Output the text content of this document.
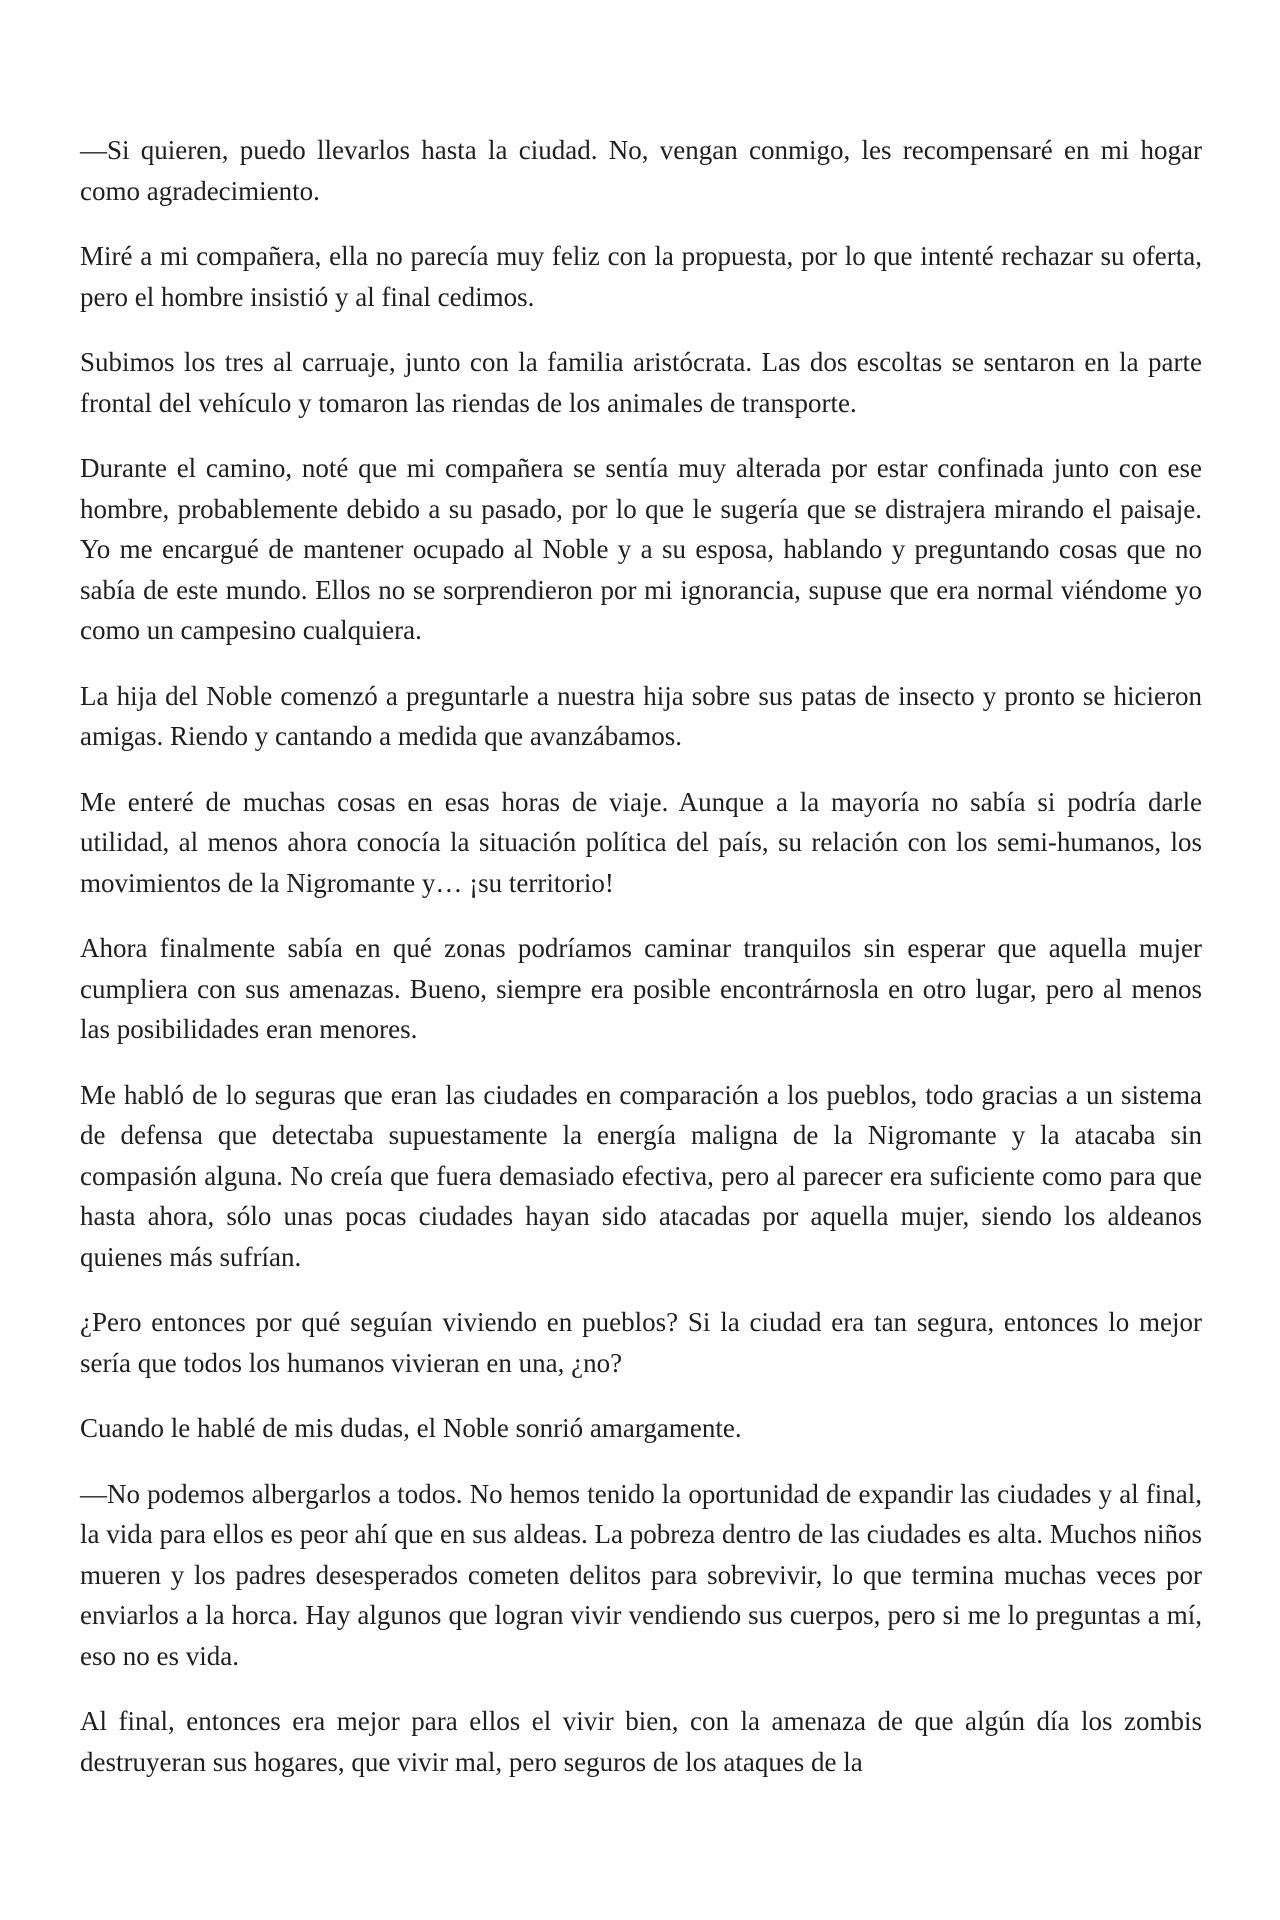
—Si quieren, puedo llevarlos hasta la ciudad. No, vengan conmigo, les recompensaré en mi hogar como agradecimiento.

Miré a mi compañera, ella no parecía muy feliz con la propuesta, por lo que intenté rechazar su oferta, pero el hombre insistió y al final cedimos.

Subimos los tres al carruaje, junto con la familia aristócrata. Las dos escoltas se sentaron en la parte frontal del vehículo y tomaron las riendas de los animales de transporte.

Durante el camino, noté que mi compañera se sentía muy alterada por estar confinada junto con ese hombre, probablemente debido a su pasado, por lo que le sugería que se distrajera mirando el paisaje. Yo me encargué de mantener ocupado al Noble y a su esposa, hablando y preguntando cosas que no sabía de este mundo. Ellos no se sorprendieron por mi ignorancia, supuse que era normal viéndome yo como un campesino cualquiera.

La hija del Noble comenzó a preguntarle a nuestra hija sobre sus patas de insecto y pronto se hicieron amigas. Riendo y cantando a medida que avanzábamos.

Me enteré de muchas cosas en esas horas de viaje. Aunque a la mayoría no sabía si podría darle utilidad, al menos ahora conocía la situación política del país, su relación con los semi-humanos, los movimientos de la Nigromante y… ¡su territorio!

Ahora finalmente sabía en qué zonas podríamos caminar tranquilos sin esperar que aquella mujer cumpliera con sus amenazas. Bueno, siempre era posible encontrárnosla en otro lugar, pero al menos las posibilidades eran menores.

Me habló de lo seguras que eran las ciudades en comparación a los pueblos, todo gracias a un sistema de defensa que detectaba supuestamente la energía maligna de la Nigromante y la atacaba sin compasión alguna. No creía que fuera demasiado efectiva, pero al parecer era suficiente como para que hasta ahora, sólo unas pocas ciudades hayan sido atacadas por aquella mujer, siendo los aldeanos quienes más sufrían.

¿Pero entonces por qué seguían viviendo en pueblos? Si la ciudad era tan segura, entonces lo mejor sería que todos los humanos vivieran en una, ¿no?

Cuando le hablé de mis dudas, el Noble sonrió amargamente.

—No podemos albergarlos a todos. No hemos tenido la oportunidad de expandir las ciudades y al final, la vida para ellos es peor ahí que en sus aldeas. La pobreza dentro de las ciudades es alta. Muchos niños mueren y los padres desesperados cometen delitos para sobrevivir, lo que termina muchas veces por enviarlos a la horca. Hay algunos que logran vivir vendiendo sus cuerpos, pero si me lo preguntas a mí, eso no es vida.

Al final, entonces era mejor para ellos el vivir bien, con la amenaza de que algún día los zombis destruyeran sus hogares, que vivir mal, pero seguros de los ataques de la
